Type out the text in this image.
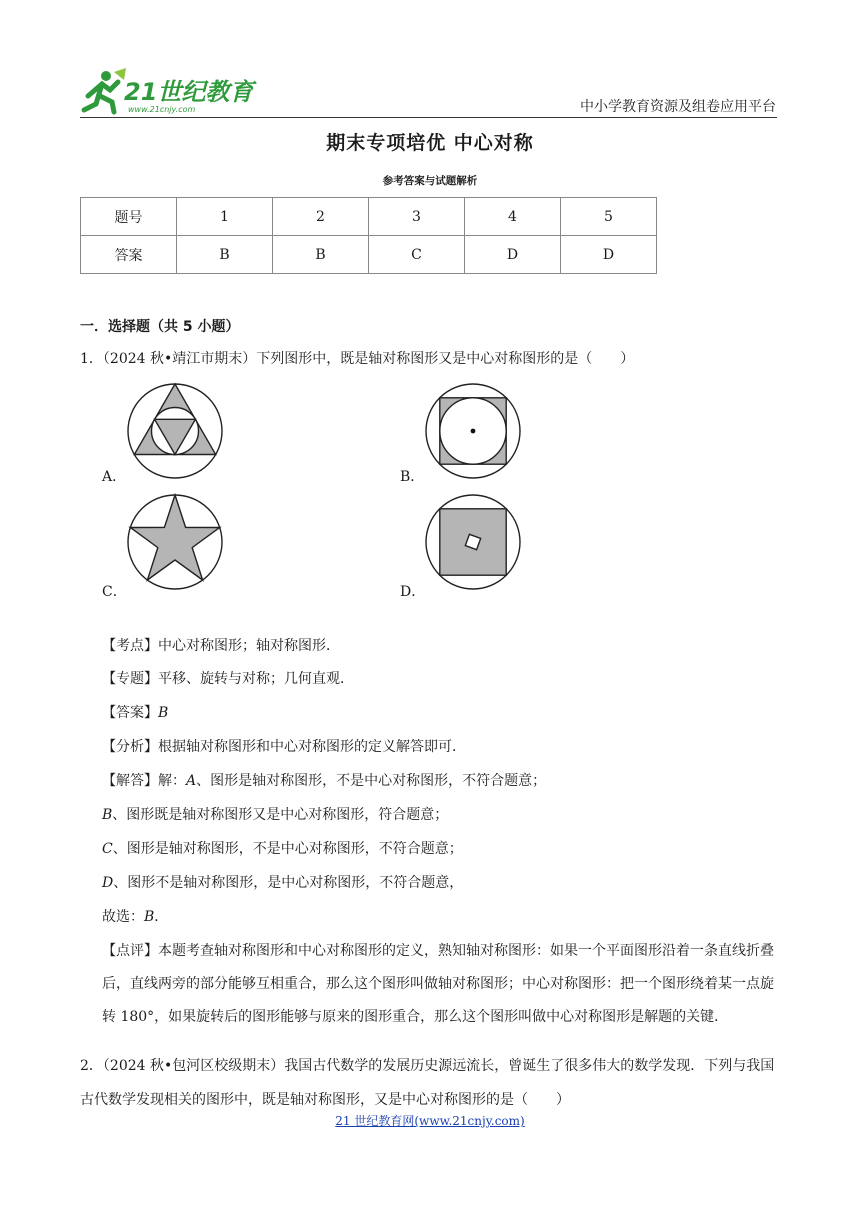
21世纪教育
www.21cnjy.com	中小学教育资源及组卷应用平台
期末专项培优 中心对称
参考答案与试题解析
题号	1	2	3	4	5
答案	B	B	C	D	D
一．选择题（共 5 小题）
1．（2024 秋•靖江市期末）下列图形中，既是轴对称图形又是中心对称图形的是（　　）
A．	B．
C．	D．
【考点】中心对称图形；轴对称图形．
【专题】平移、旋转与对称；几何直观．
【答案】B
【分析】根据轴对称图形和中心对称图形的定义解答即可．
【解答】解：A、图形是轴对称图形，不是中心对称图形，不符合题意；
B、图形既是轴对称图形又是中心对称图形，符合题意；
C、图形是轴对称图形，不是中心对称图形，不符合题意；
D、图形不是轴对称图形，是中心对称图形，不符合题意，
故选：B．
【点评】本题考查轴对称图形和中心对称图形的定义，熟知轴对称图形：如果一个平面图形沿着一条直线折叠后，直线两旁的部分能够互相重合，那么这个图形叫做轴对称图形；中心对称图形：把一个图形绕着某一点旋转 180°，如果旋转后的图形能够与原来的图形重合，那么这个图形叫做中心对称图形是解题的关键．
2．（2024 秋•包河区校级期末）我国古代数学的发展历史源远流长，曾诞生了很多伟大的数学发现．下列与我国古代数学发现相关的图形中，既是轴对称图形，又是中心对称图形的是（　　）
21 世纪教育网(www.21cnjy.com)
